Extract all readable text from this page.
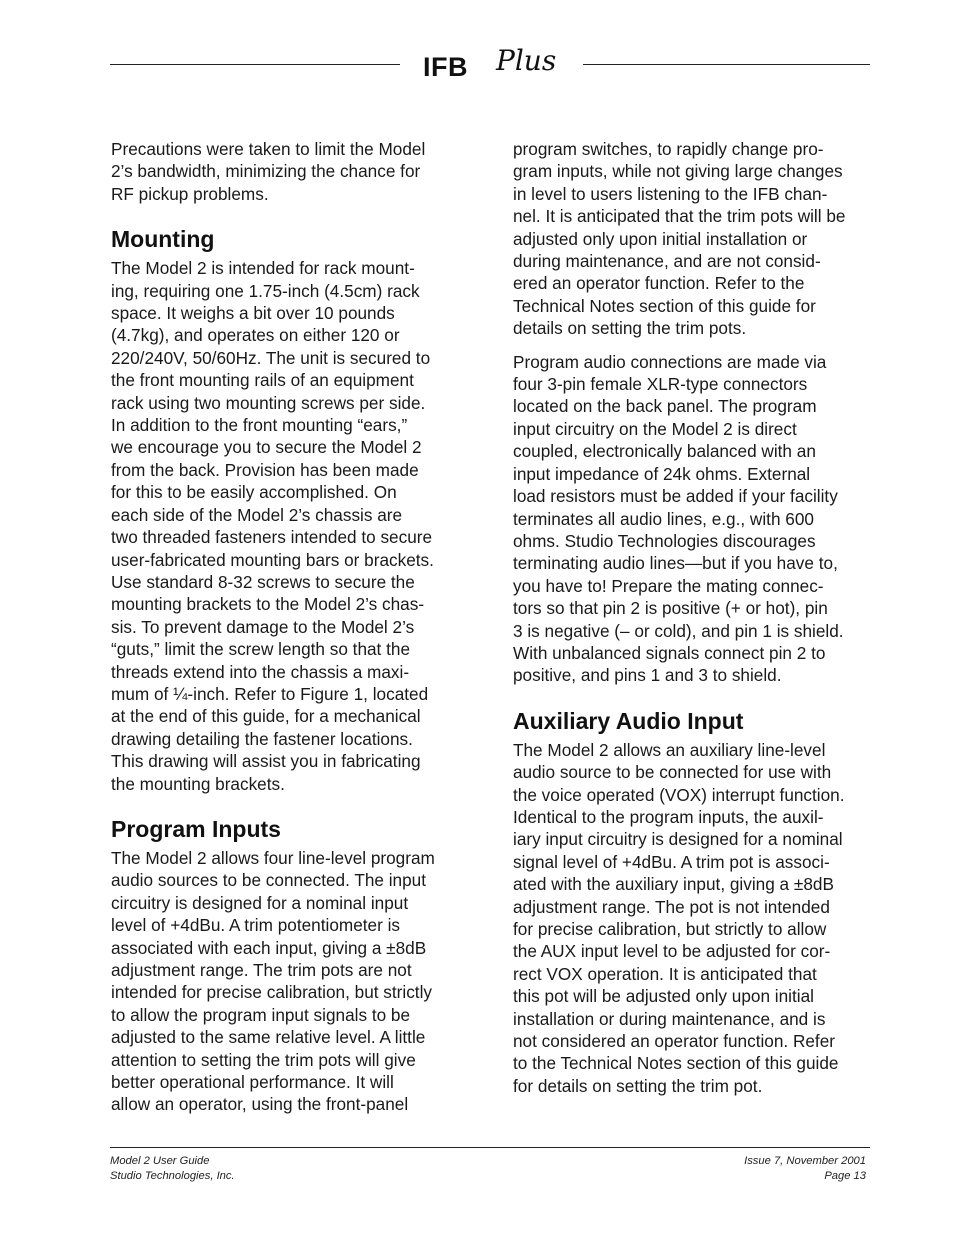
IFB Plus

Precautions were taken to limit the Model
2’s bandwidth, minimizing the chance for
RF pickup problems.

Mounting

The Model 2 is intended for rack mount-
ing, requiring one 1.75-inch (4.5cm) rack
space. It weighs a bit over 10 pounds
(4.7kg), and operates on either 120 or
220/240V, 50/60Hz. The unit is secured to
the front mounting rails of an equipment
rack using two mounting screws per side.
In addition to the front mounting “ears,”
we encourage you to secure the Model 2
from the back. Provision has been made
for this to be easily accomplished. On
each side of the Model 2’s chassis are
two threaded fasteners intended to secure
user-fabricated mounting bars or brackets.
Use standard 8-32 screws to secure the
mounting brackets to the Model 2’s chas-
sis. To prevent damage to the Model 2’s
“guts,” limit the screw length so that the
threads extend into the chassis a maxi-
mum of ¼-inch. Refer to Figure 1, located
at the end of this guide, for a mechanical
drawing detailing the fastener locations.
This drawing will assist you in fabricating
the mounting brackets.

Program Inputs

The Model 2 allows four line-level program
audio sources to be connected. The input
circuitry is designed for a nominal input
level of +4dBu. A trim potentiometer is
associated with each input, giving a ±8dB
adjustment range. The trim pots are not
intended for precise calibration, but strictly
to allow the program input signals to be
adjusted to the same relative level. A little
attention to setting the trim pots will give
better operational performance. It will
allow an operator, using the front-panel

program switches, to rapidly change pro-
gram inputs, while not giving large changes
in level to users listening to the IFB chan-
nel. It is anticipated that the trim pots will be
adjusted only upon initial installation or
during maintenance, and are not consid-
ered an operator function. Refer to the
Technical Notes section of this guide for
details on setting the trim pots.

Program audio connections are made via
four 3-pin female XLR-type connectors
located on the back panel. The program
input circuitry on the Model 2 is direct
coupled, electronically balanced with an
input impedance of 24k ohms. External
load resistors must be added if your facility
terminates all audio lines, e.g., with 600
ohms. Studio Technologies discourages
terminating audio lines—but if you have to,
you have to! Prepare the mating connec-
tors so that pin 2 is positive (+ or hot), pin
3 is negative (– or cold), and pin 1 is shield.
With unbalanced signals connect pin 2 to
positive, and pins 1 and 3 to shield.

Auxiliary Audio Input

The Model 2 allows an auxiliary line-level
audio source to be connected for use with
the voice operated (VOX) interrupt function.
Identical to the program inputs, the auxil-
iary input circuitry is designed for a nominal
signal level of +4dBu. A trim pot is associ-
ated with the auxiliary input, giving a ±8dB
adjustment range. The pot is not intended
for precise calibration, but strictly to allow
the AUX input level to be adjusted for cor-
rect VOX operation. It is anticipated that
this pot will be adjusted only upon initial
installation or during maintenance, and is
not considered an operator function. Refer
to the Technical Notes section of this guide
for details on setting the trim pot.

Model 2 User Guide
Studio Technologies, Inc.
Issue 7, November 2001
Page 13
